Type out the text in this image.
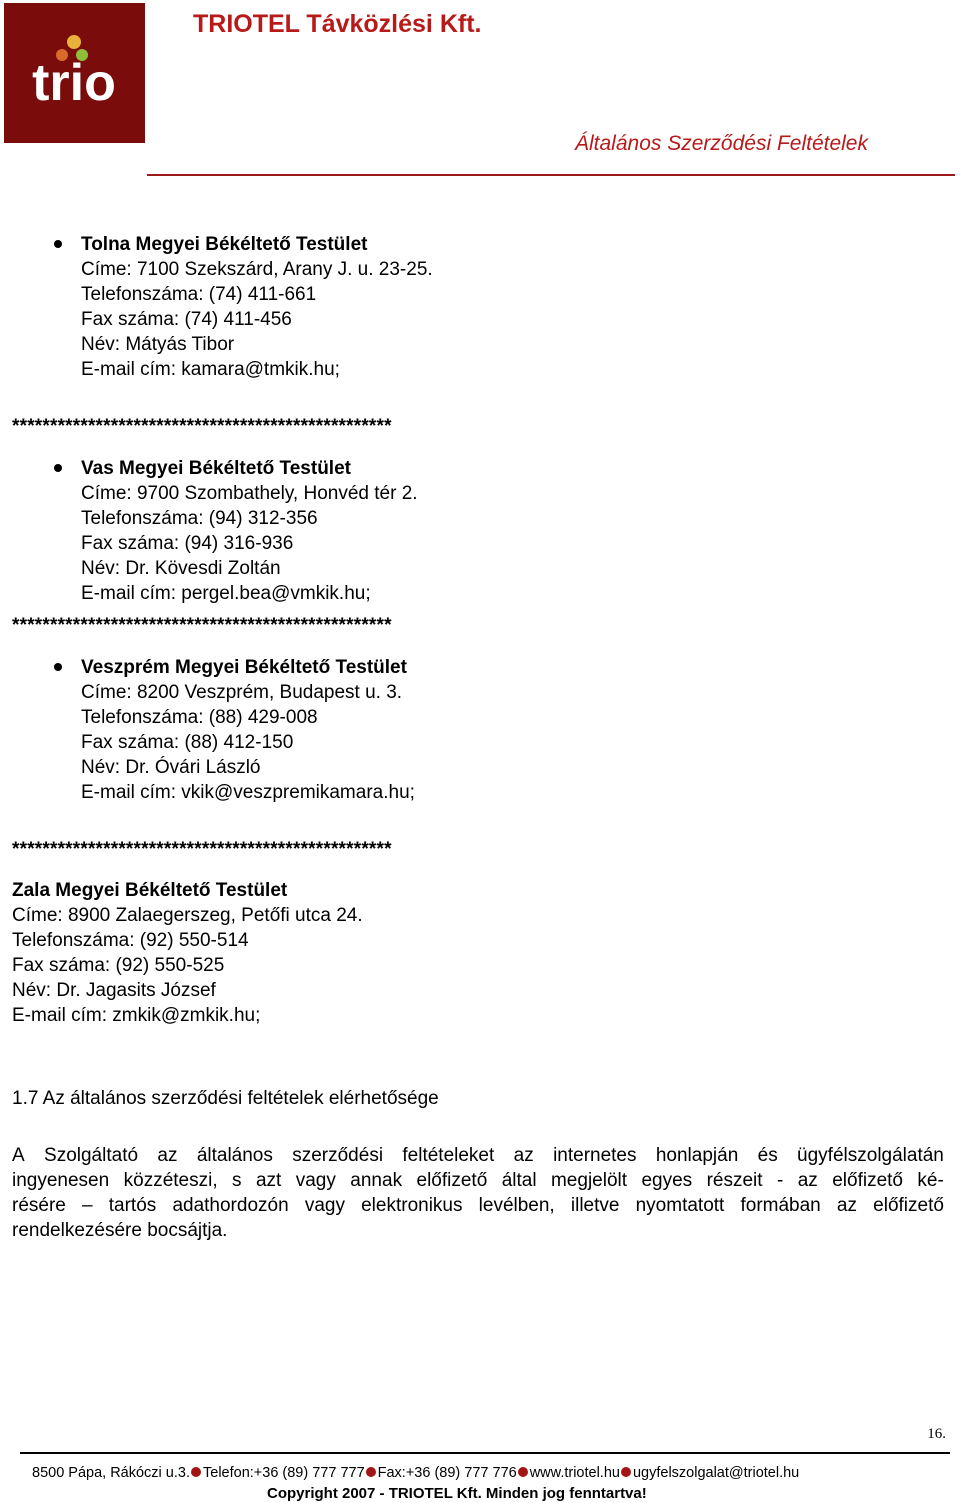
trio
TRIOTEL Távközlési Kft.
Általános Szerződési Feltételek
Tolna Megyei Békéltető Testület
Címe: 7100 Szekszárd, Arany J. u. 23-25.
Telefonszáma: (74) 411-661
Fax száma: (74) 411-456
Név: Mátyás Tibor
E-mail cím: kamara@tmkik.hu;
**************************************************
Vas Megyei Békéltető Testület
Címe: 9700 Szombathely, Honvéd tér 2.
Telefonszáma: (94) 312-356
Fax száma: (94) 316-936
Név: Dr. Kövesdi Zoltán
E-mail cím: pergel.bea@vmkik.hu;
**************************************************
Veszprém Megyei Békéltető Testület
Címe: 8200 Veszprém, Budapest u. 3.
Telefonszáma: (88) 429-008
Fax száma: (88) 412-150
Név: Dr. Óvári László
E-mail cím: vkik@veszpremikamara.hu;
**************************************************
Zala Megyei Békéltető Testület
Címe: 8900 Zalaegerszeg, Petőfi utca 24.
Telefonszáma: (92) 550-514
Fax száma: (92) 550-525
Név: Dr. Jagasits József
E-mail cím: zmkik@zmkik.hu;
1.7 Az általános szerződési feltételek elérhetősége
A Szolgáltató az általános szerződési feltételeket az internetes honlapján és ügyfélszolgálatán
ingyenesen közzéteszi, s azt vagy annak előfizető által megjelölt egyes részeit - az előfizető ké-
résére – tartós adathordozón vagy elektronikus levélben, illetve nyomtatott formában az előfizető
rendelkezésére bocsájtja.
16.
8500 Pápa, Rákóczi u.3. Telefon:+36 (89) 777 777 Fax:+36 (89) 777 776 www.triotel.hu ugyfelszolgalat@triotel.hu
Copyright 2007 - TRIOTEL Kft. Minden jog fenntartva!
